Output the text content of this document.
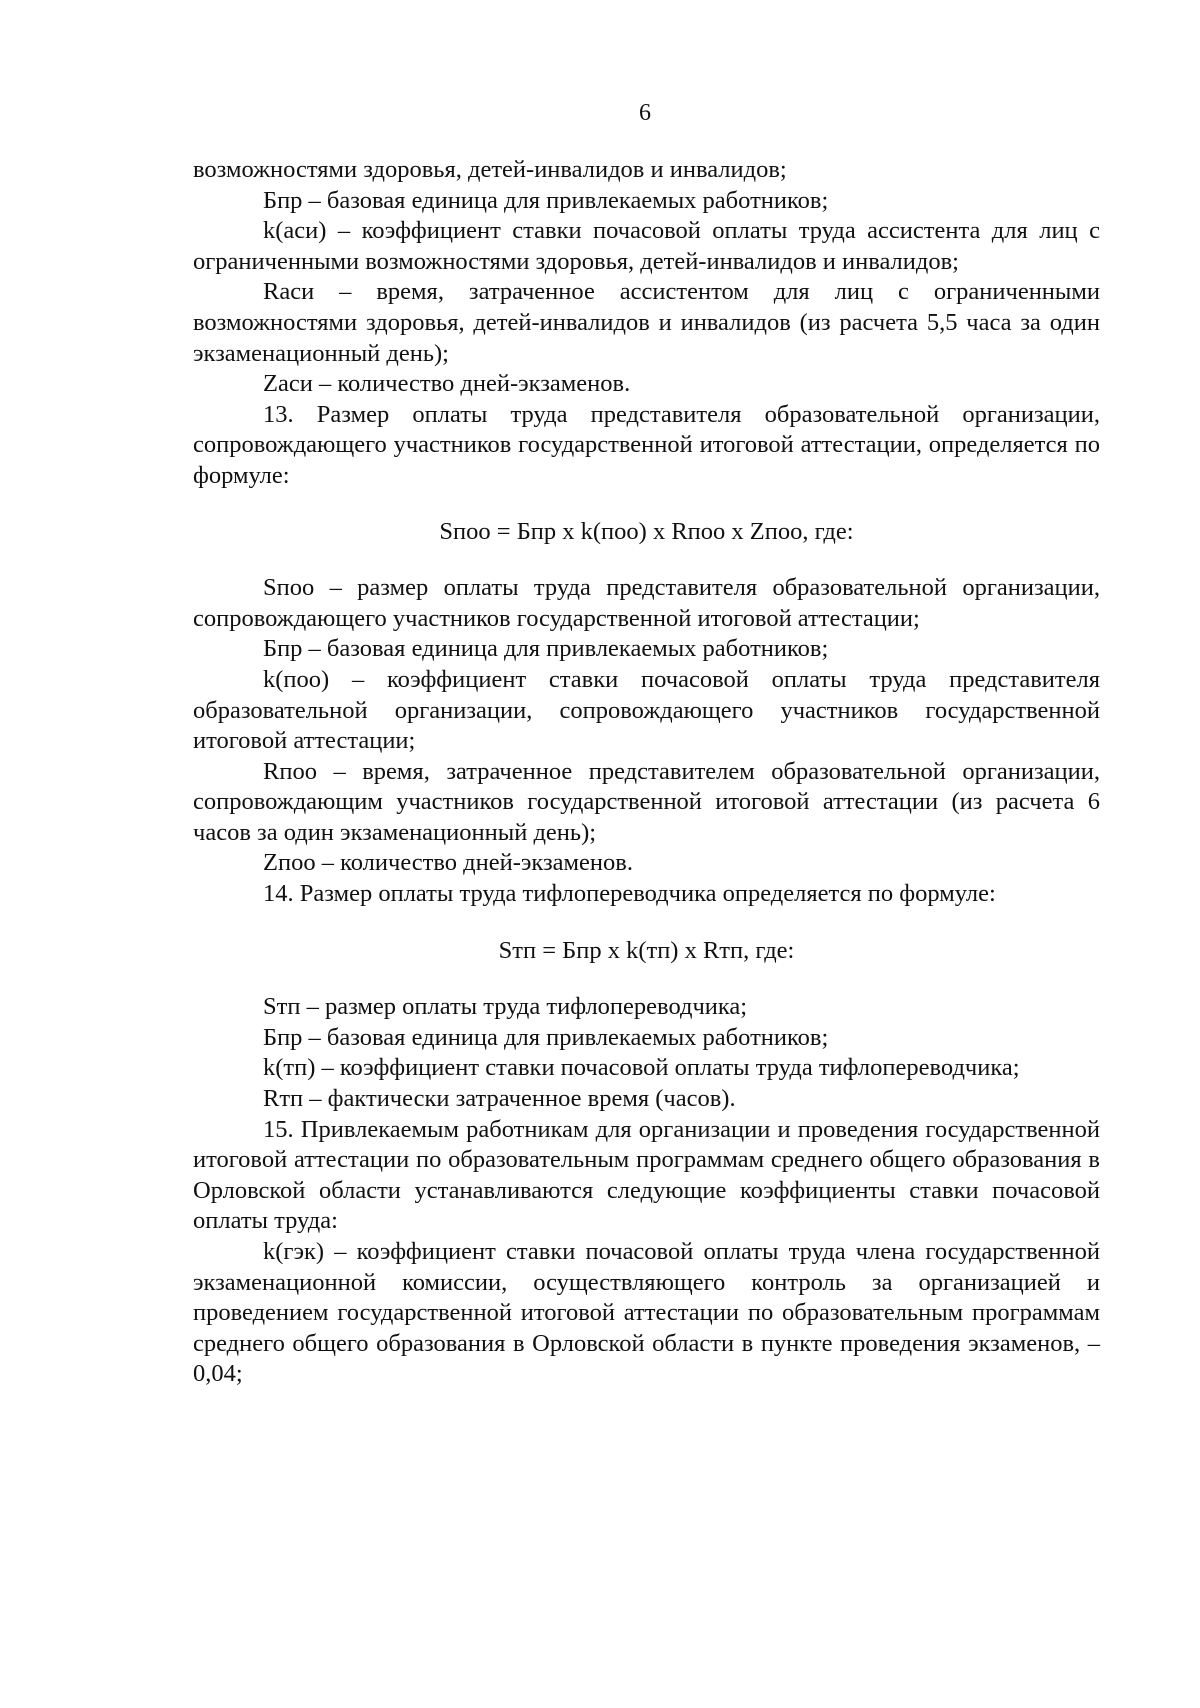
6

возможностями здоровья, детей-инвалидов и инвалидов;

Бпр – базовая единица для привлекаемых работников;

k(аси) – коэффициент ставки почасовой оплаты труда ассистента для лиц с ограниченными возможностями здоровья, детей-инвалидов и инвалидов;

Rаси – время, затраченное ассистентом для лиц с ограниченными возможностями здоровья, детей-инвалидов и инвалидов (из расчета 5,5 часа за один экзаменационный день);

Zаси – количество дней-экзаменов.

13. Размер оплаты труда представителя образовательной организации, сопровождающего участников государственной итоговой аттестации, определяется по формуле:

Sпоо = Бпр x k(поо) x Rпоо x Zпоо, где:

Sпоо – размер оплаты труда представителя образовательной организации, сопровождающего участников государственной итоговой аттестации;

Бпр – базовая единица для привлекаемых работников;

k(поо) – коэффициент ставки почасовой оплаты труда представителя образовательной организации, сопровождающего участников государственной итоговой аттестации;

Rпоо – время, затраченное представителем образовательной организации, сопровождающим участников государственной итоговой аттестации (из расчета 6 часов за один экзаменационный день);

Zпоо – количество дней-экзаменов.

14. Размер оплаты труда тифлопереводчика определяется по формуле:

Sтп = Бпр x k(тп) x Rтп, где:

Sтп – размер оплаты труда тифлопереводчика;

Бпр – базовая единица для привлекаемых работников;

k(тп) – коэффициент ставки почасовой оплаты труда тифлопереводчика;

Rтп – фактически затраченное время (часов).

15. Привлекаемым работникам для организации и проведения государственной итоговой аттестации по образовательным программам среднего общего образования в Орловской области устанавливаются следующие коэффициенты ставки почасовой оплаты труда:

k(гэк) – коэффициент ставки почасовой оплаты труда члена государственной экзаменационной комиссии, осуществляющего контроль за организацией и проведением государственной итоговой аттестации по образовательным программам среднего общего образования в Орловской области в пункте проведения экзаменов, – 0,04;
